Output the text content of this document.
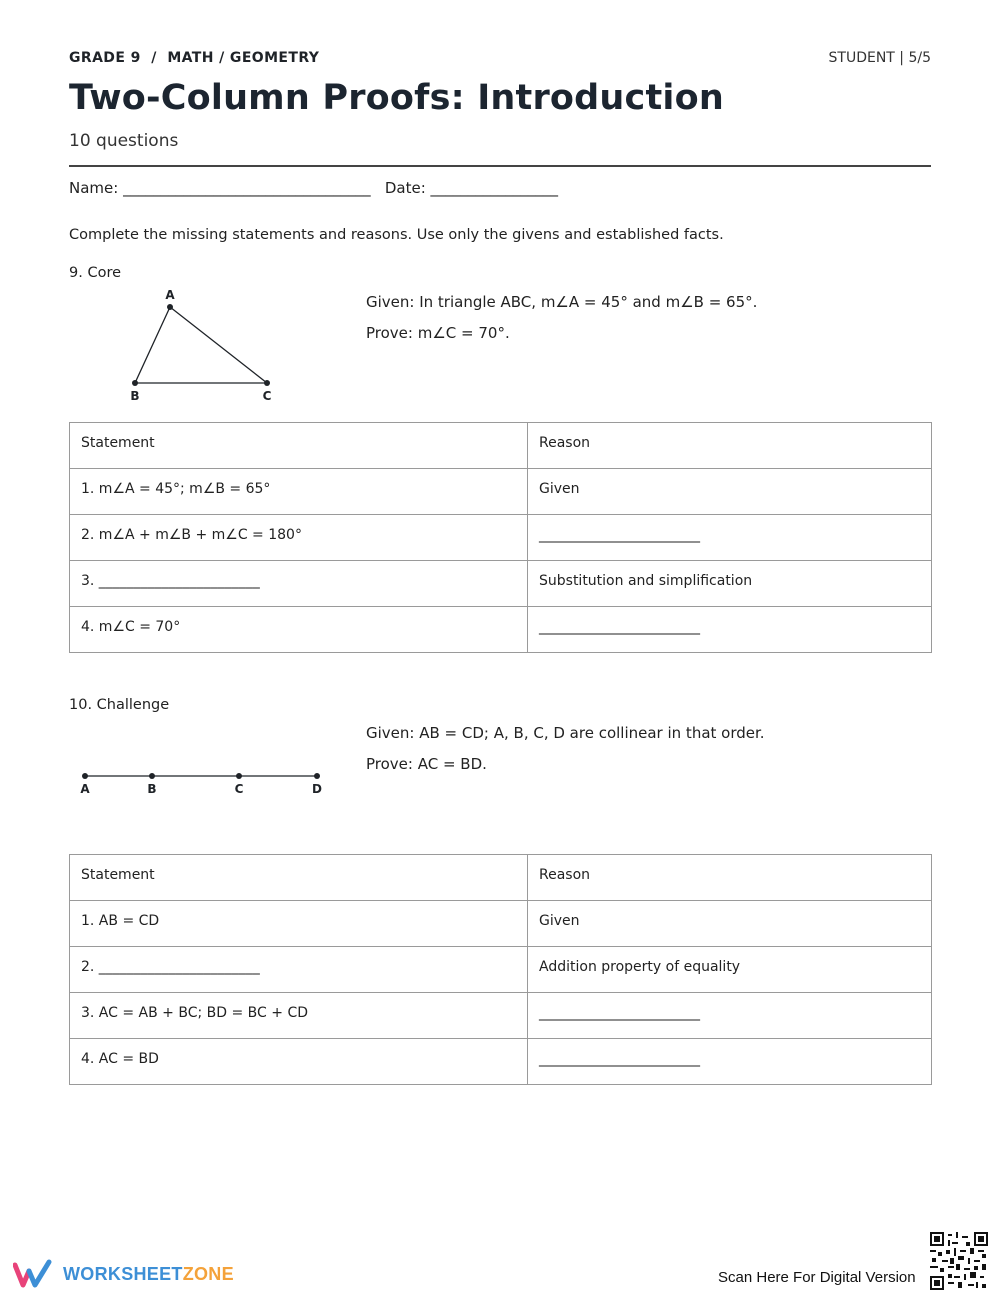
GRADE 9  /  MATH / GEOMETRY	STUDENT | 5/5
Two-Column Proofs: Introduction
10 questions
Name: _________________________________   Date: _________________
Complete the missing statements and reasons. Use only the givens and established facts.
9. Core
A
B	C
Given: In triangle ABC, m∠A = 45° and m∠B = 65°.
Prove: m∠C = 70°.
Statement	Reason
1. m∠A = 45°; m∠B = 65°	Given
2. m∠A + m∠B + m∠C = 180°	_______________________
3. _______________________	Substitution and simplification
4. m∠C = 70°	_______________________
10. Challenge
A	B	C	D
Given: AB = CD; A, B, C, D are collinear in that order.
Prove: AC = BD.
Statement	Reason
1. AB = CD	Given
2. _______________________	Addition property of equality
3. AC = AB + BC; BD = BC + CD	_______________________
4. AC = BD	_______________________
WORKSHEETZONE	Scan Here For Digital Version
